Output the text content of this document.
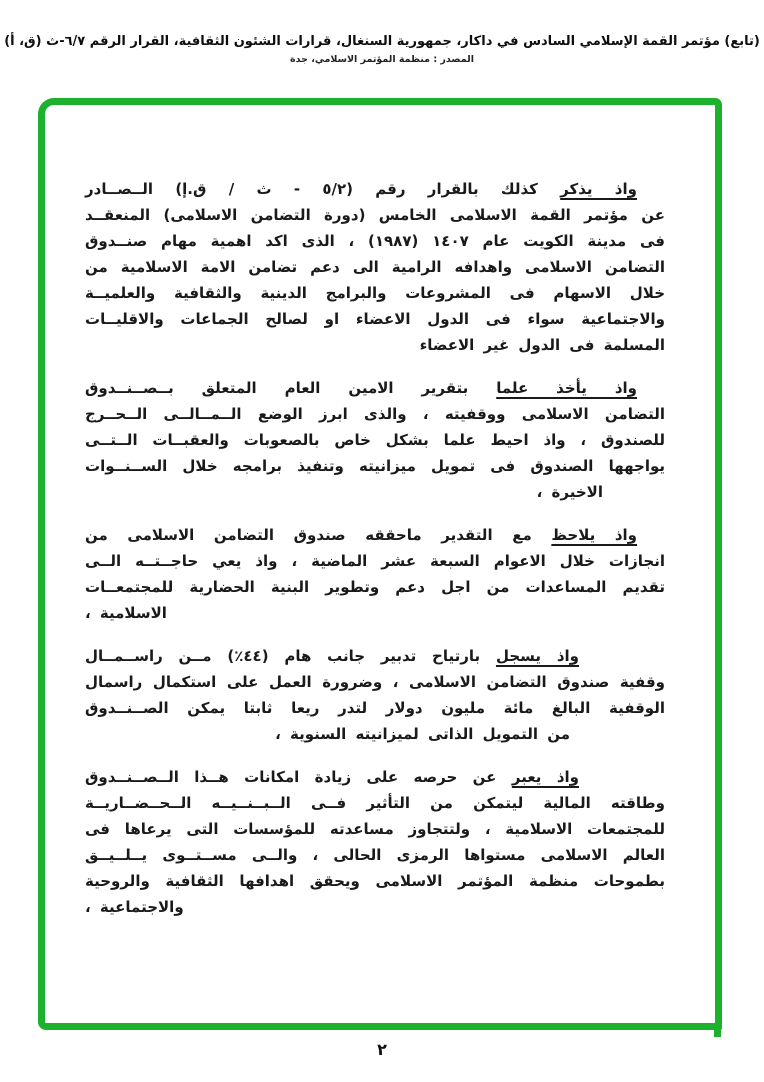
(تابع) مؤتمر القمة الإسلامي السادس في داكار، جمهورية السنغال، قرارات الشئون الثقافية، القرار الرقم ٦/٧-ث (ق، أ)
المصدر : منظمة المؤتمر الاسلامي، جدة
واذ يذكر كذلك بالقرار رقم (٥/٢ - ث / ق.إ) الــصــادر
عن مؤتمر القمة الاسلامى الخامس (دورة التضامن الاسلامى) المنعقــد
فى مدينة الكويت عام ١٤٠٧ (١٩٨٧) ، الذى اكد اهمية مهام صنــدوق
التضامن الاسلامى واهدافه الرامية الى دعم تضامن الامة الاسلامية من
خلال الاسهام فى المشروعات والبرامج الدينية والثقافية والعلميــة
والاجتماعية سواء فى الدول الاعضاء او لصالح الجماعات والاقليــات
المسلمة فى الدول غير الاعضاء
واذ يأخذ علما بتقرير الامين العام المتعلق بــصــنــدوق
التضامن الاسلامى ووقفيته ، والذى ابرز الوضع الــمــالــى الــحــرج
للصندوق ، واذ احيط علما بشكل خاص بالصعوبات والعقبــات الــتــى
يواجهها الصندوق فى تمويل ميزانيته وتنفيذ برامجه خلال الســنــوات
الاخيرة ،
واذ يلاحظ مع التقدير ماحققه صندوق التضامن الاسلامى من
انجازات خلال الاعوام السبعة عشر الماضية ، واذ يعي حاجــتــه الــى
تقديم المساعدات من اجل دعم وتطوير البنية الحضارية للمجتمعــات
الاسلامية ،
واذ يسجل بارتياح تدبير جانب هام (٤٤٪) مــن راســمــال
وقفية صندوق التضامن الاسلامى ، وضرورة العمل على استكمال راسمال
الوقفية البالغ مائة مليون دولار لتدر ريعا ثابتا يمكن الصــنــدوق
من التمويل الذاتى لميزانيته السنوية ،
واذ يعبر عن حرصه على زيادة امكانات هــذا الــصــنــدوق
وطاقته المالية ليتمكن من التأثير فــى الــبــنــيــه الــحــضــاريــة
للمجتمعات الاسلامية ، ولتتجاوز مساعدته للمؤسسات التى يرعاها فى
العالم الاسلامى مستواها الرمزى الحالى ، والــى مســتــوى يــلــيــق
بطموحات منظمة المؤتمر الاسلامى ويحقق اهدافها الثقافية والروحية
والاجتماعية ،
٢
